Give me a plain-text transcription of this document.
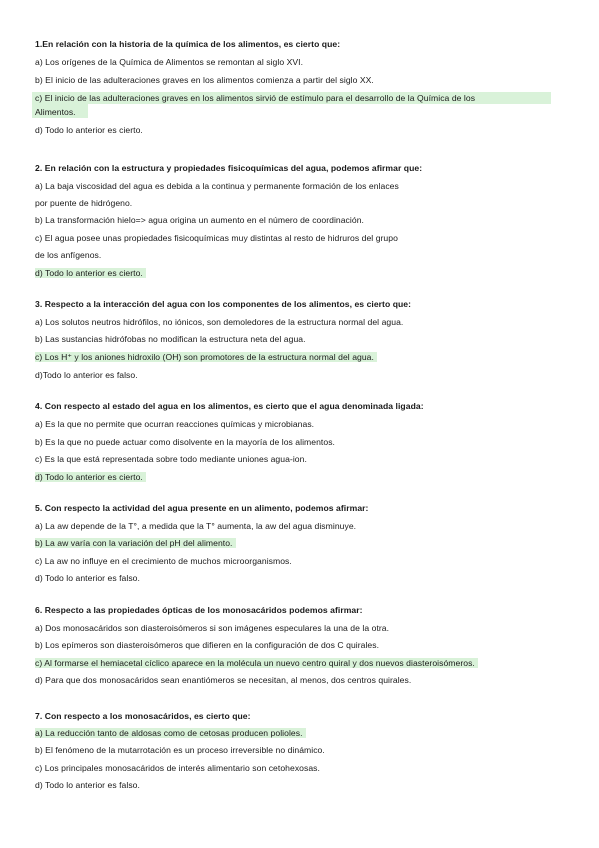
1.En relación con la historia de la química de los alimentos, es cierto que:
a) Los orígenes de la Química de Alimentos se remontan al siglo XVI.
b) El inicio de las adulteraciones graves en los alimentos comienza a partir del siglo XX.
c) El inicio de las adulteraciones graves en los alimentos sirvió de estímulo para el desarrollo de la Química de los
Alimentos.
d) Todo lo anterior es cierto.
2. En relación con la estructura y propiedades fisicoquímicas del agua, podemos afirmar que:
a) La baja viscosidad del agua es debida a la continua y permanente formación de los enlaces
por puente de hidrógeno.
b) La transformación hielo=> agua origina un aumento en el número de coordinación.
c) El agua posee unas propiedades fisicoquímicas muy distintas al resto de hidruros del grupo
de los anfígenos.
d) Todo lo anterior es cierto.
3. Respecto a la interacción del agua con los componentes de los alimentos, es cierto que:
a) Los solutos neutros hidrófilos, no iónicos, son demoledores de la estructura normal del agua.
b) Las sustancias hidrófobas no modifican la estructura neta del agua.
c) Los H⁺ y los aniones hidroxilo (OH) son promotores de la estructura normal del agua.
d)Todo lo anterior es falso.
4. Con respecto al estado del agua en los alimentos, es cierto que el agua denominada ligada:
a) Es la que no permite que ocurran reacciones químicas y microbianas.
b) Es la que no puede actuar como disolvente en la mayoría de los alimentos.
c) Es la que está representada sobre todo mediante uniones agua-ion.
d) Todo lo anterior es cierto.
5. Con respecto la actividad del agua presente en un alimento, podemos afirmar:
a) La aw depende de la T°, a medida que la T° aumenta, la aw del agua disminuye.
b) La aw varía con la variación del pH del alimento.
c) La aw no influye en el crecimiento de muchos microorganismos.
d) Todo lo anterior es falso.
6. Respecto a las propiedades ópticas de los monosacáridos podemos afirmar:
a) Dos monosacáridos son diasteroisómeros si son imágenes especulares la una de la otra.
b) Los epímeros son diasteroisómeros que difieren en la configuración de dos C quirales.
c) Al formarse el hemiacetal cíclico aparece en la molécula un nuevo centro quiral y dos nuevos diasteroisómeros.
d) Para que dos monosacáridos sean enantiómeros se necesitan, al menos, dos centros quirales.
7. Con respecto a los monosacáridos, es cierto que:
a) La reducción tanto de aldosas como de cetosas producen polioles.
b) El fenómeno de la mutarrotación es un proceso irreversible no dinámico.
c) Los principales monosacáridos de interés alimentario son cetohexosas.
d) Todo lo anterior es falso.
